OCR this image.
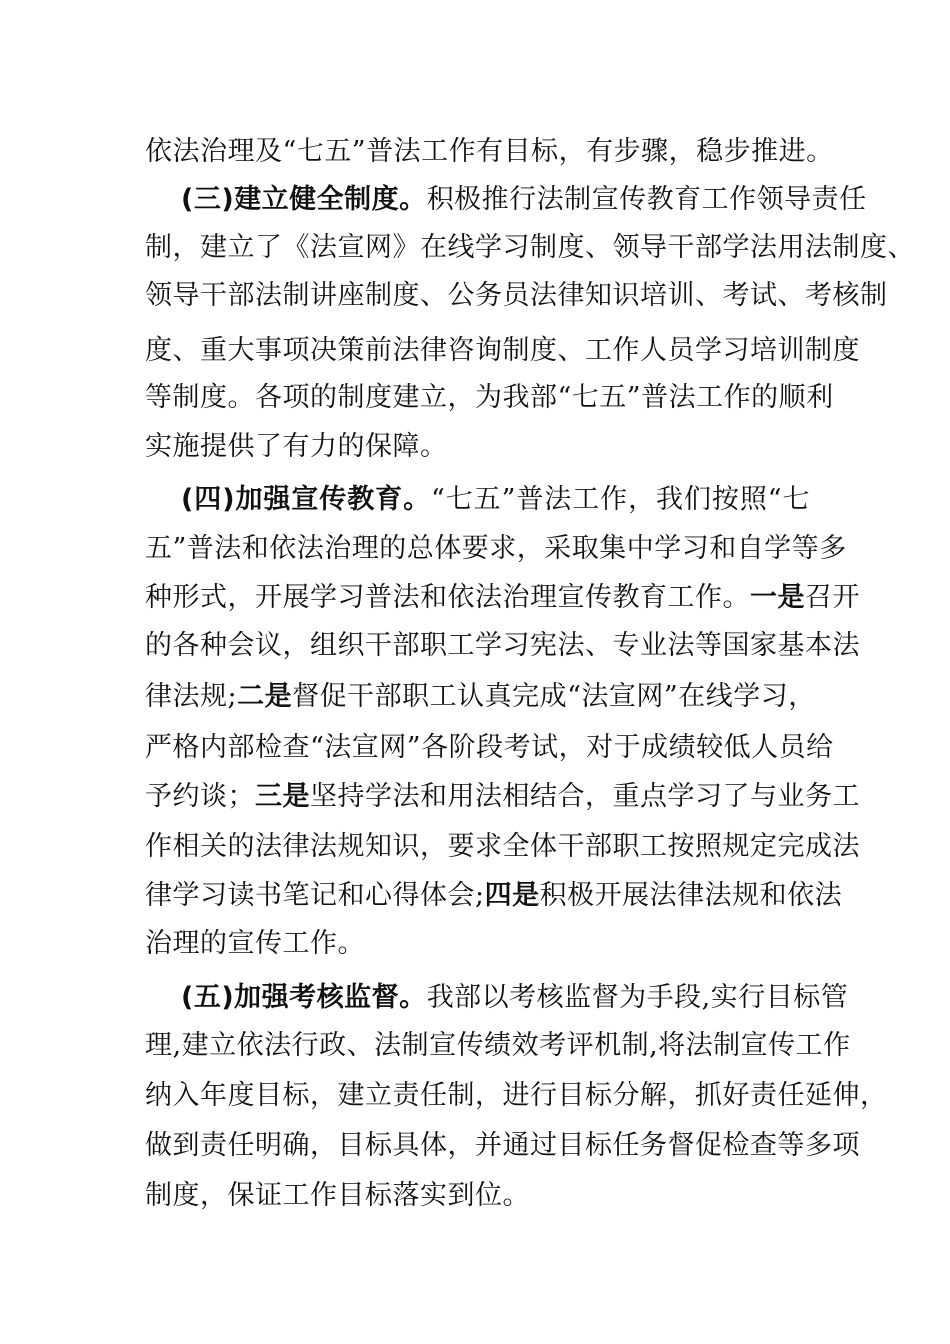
依法治理及“七五”普法工作有目标，有步骤，稳步推进。
(三)建立健全制度。积极推行法制宣传教育工作领导责任
制，建立了《法宣网》在线学习制度、领导干部学法用法制度、
领导干部法制讲座制度、公务员法律知识培训、考试、考核制
度、重大事项决策前法律咨询制度、工作人员学习培训制度
等制度。各项的制度建立，为我部“七五”普法工作的顺利
实施提供了有力的保障。
(四)加强宣传教育。“七五”普法工作，我们按照“七
五”普法和依法治理的总体要求，采取集中学习和自学等多
种形式，开展学习普法和依法治理宣传教育工作。一是召开
的各种会议，组织干部职工学习宪法、专业法等国家基本法
律法规;二是督促干部职工认真完成“法宣网”在线学习，
严格内部检查“法宣网”各阶段考试，对于成绩较低人员给
予约谈；三是坚持学法和用法相结合，重点学习了与业务工
作相关的法律法规知识，要求全体干部职工按照规定完成法
律学习读书笔记和心得体会;四是积极开展法律法规和依法
治理的宣传工作。
(五)加强考核监督。我部以考核监督为手段,实行目标管
理,建立依法行政、法制宣传绩效考评机制,将法制宣传工作
纳入年度目标，建立责任制，进行目标分解，抓好责任延伸，
做到责任明确，目标具体，并通过目标任务督促检查等多项
制度，保证工作目标落实到位。
